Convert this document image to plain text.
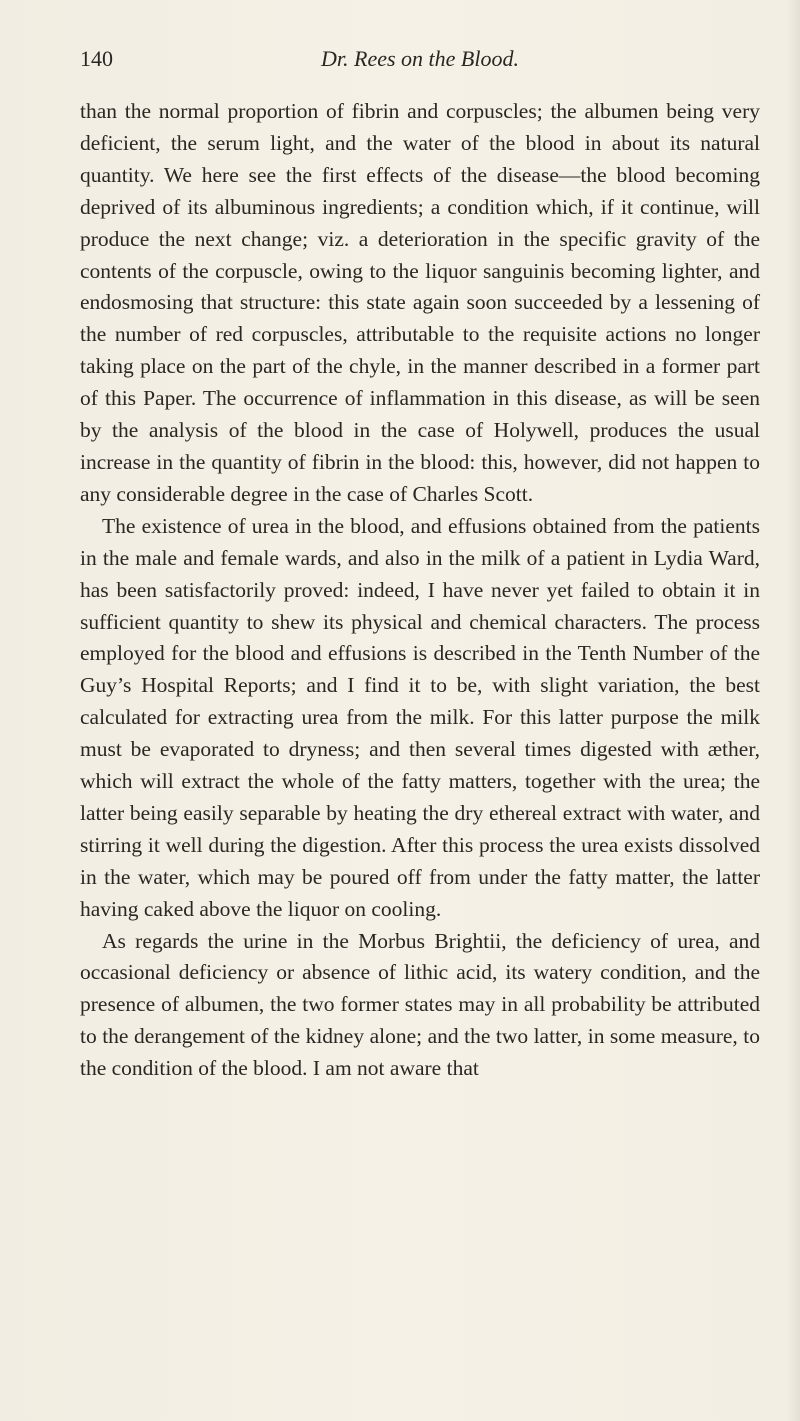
140	Dr. Rees on the Blood.

than the normal proportion of fibrin and corpuscles; the albumen being very deficient, the serum light, and the water of the blood in about its natural quantity. We here see the first effects of the disease—the blood becoming deprived of its albuminous ingredients; a condition which, if it continue, will produce the next change; viz. a deterioration in the specific gravity of the contents of the corpuscle, owing to the liquor sanguinis becoming lighter, and endosmosing that structure: this state again soon succeeded by a lessening of the number of red corpuscles, attributable to the requisite actions no longer taking place on the part of the chyle, in the manner described in a former part of this Paper. The occurrence of inflammation in this disease, as will be seen by the analysis of the blood in the case of Holywell, produces the usual increase in the quantity of fibrin in the blood: this, however, did not happen to any considerable degree in the case of Charles Scott.

The existence of urea in the blood, and effusions obtained from the patients in the male and female wards, and also in the milk of a patient in Lydia Ward, has been satisfactorily proved: indeed, I have never yet failed to obtain it in sufficient quantity to shew its physical and chemical characters. The process employed for the blood and effusions is described in the Tenth Number of the Guy’s Hospital Reports; and I find it to be, with slight variation, the best calculated for extracting urea from the milk. For this latter purpose the milk must be evaporated to dryness; and then several times digested with æther, which will extract the whole of the fatty matters, together with the urea; the latter being easily separable by heating the dry ethereal extract with water, and stirring it well during the digestion. After this process the urea exists dissolved in the water, which may be poured off from under the fatty matter, the latter having caked above the liquor on cooling.

As regards the urine in the Morbus Brightii, the deficiency of urea, and occasional deficiency or absence of lithic acid, its watery condition, and the presence of albumen, the two former states may in all probability be attributed to the derangement of the kidney alone; and the two latter, in some measure, to the condition of the blood. I am not aware that
